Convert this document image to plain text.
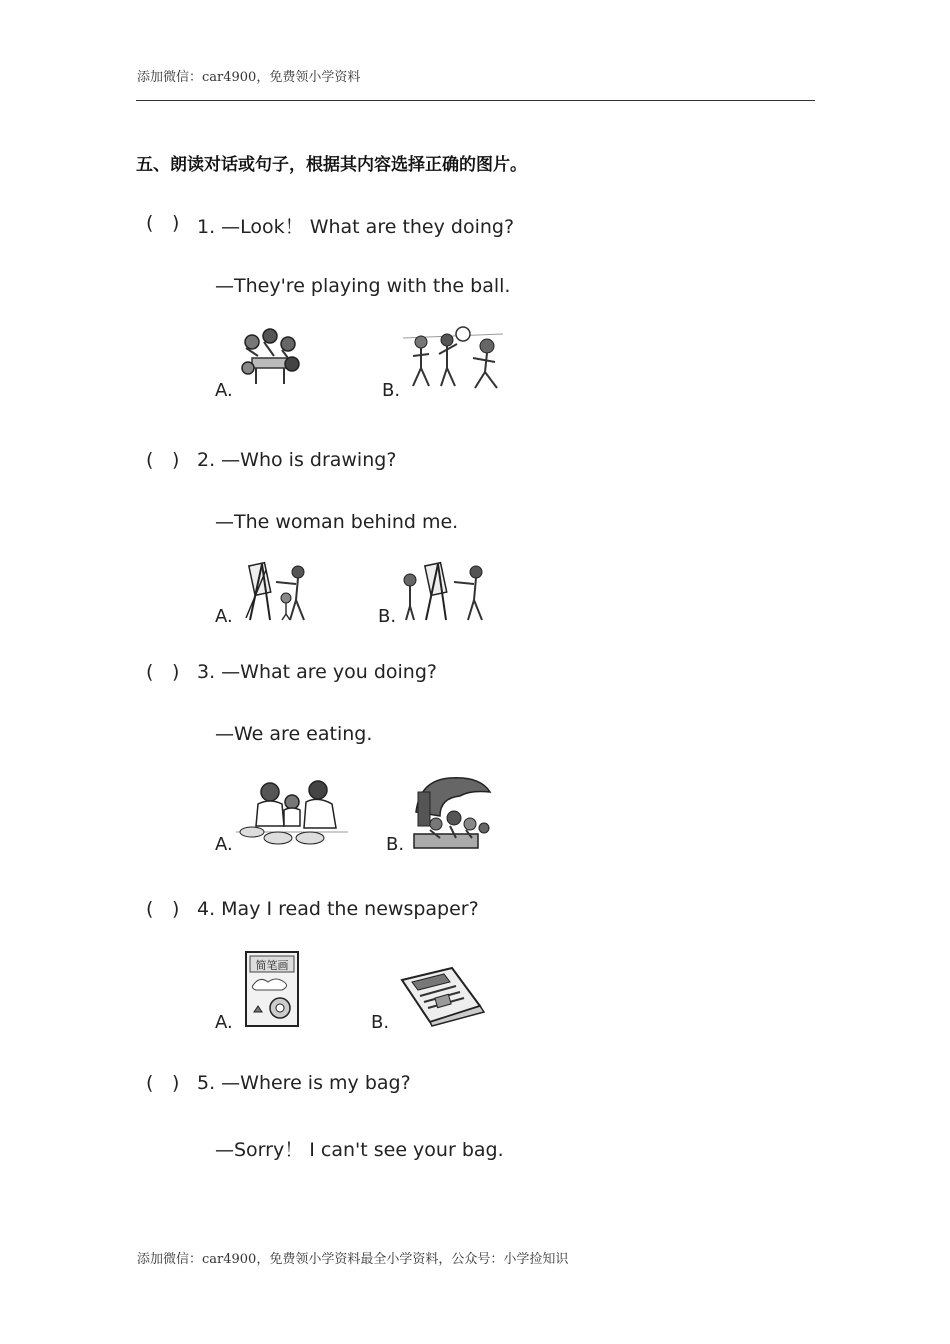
添加微信：car4900，免费领小学资料
五、朗读对话或句子，根据其内容选择正确的图片。
( ) 1. —Look！ What are they doing?
—They're playing with the ball.
A.	B.
( ) 2. —Who is drawing?
—The woman behind me.
A.	B.
( ) 3. —What are you doing?
—We are eating.
A.	B.
( ) 4. May I read the newspaper?
A.
简笔画
B.
( ) 5. —Where is my bag?
—Sorry！ I can't see your bag.
添加微信：car4900，免费领小学资料最全小学资料，公众号：小学捡知识
